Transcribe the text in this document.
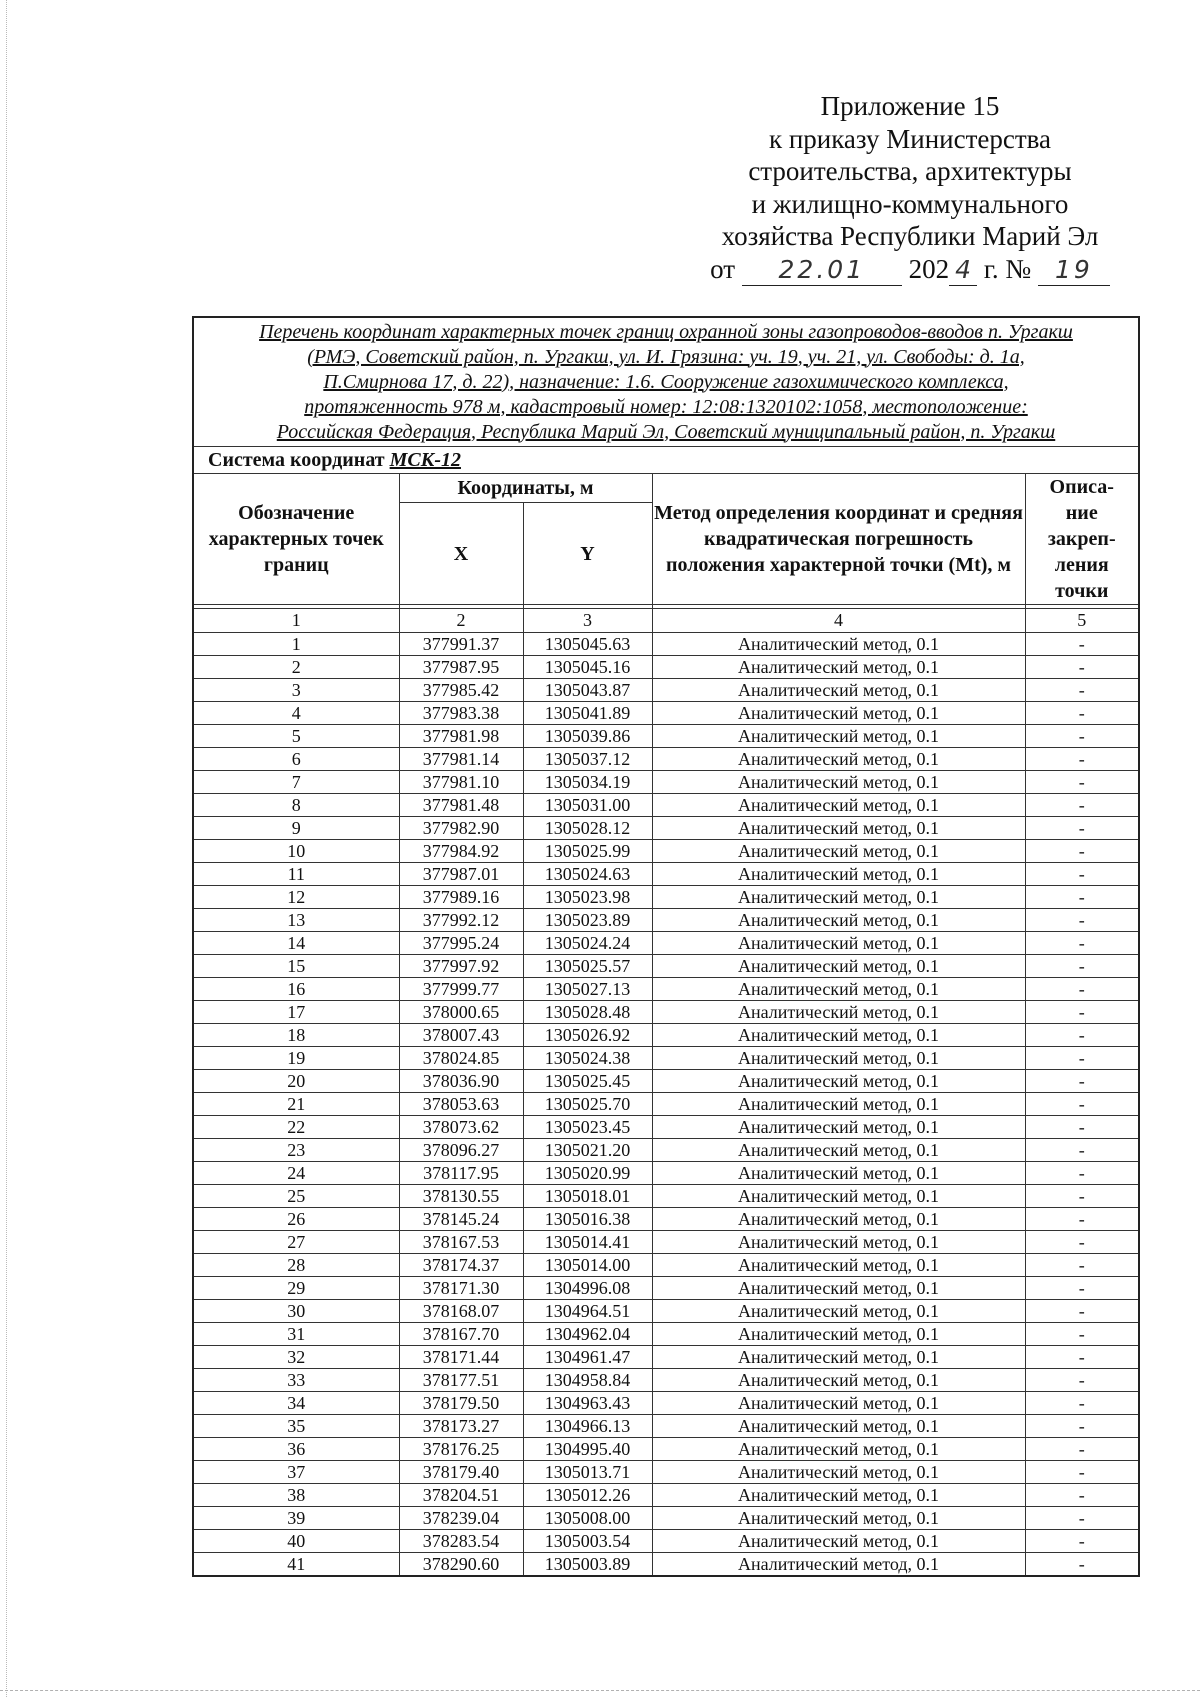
Приложение 15
к приказу Министерства
строительства, архитектуры
и жилищно-коммунального
хозяйства Республики Марий Эл
от 22.01 202 4 г. № 19
Перечень координат характерных точек границ охранной зоны газопроводов-вводов п. Ургакш
(РМЭ, Советский район, п. Ургакш, ул. И. Грязина: уч. 19, уч. 21, ул. Свободы: д. 1а,
П.Смирнова 17, д. 22), назначение: 1.6. Сооружение газохимического комплекса,
протяженность 978 м, кадастровый номер: 12:08:1320102:1058, местоположение:
Российская Федерация, Республика Марий Эл, Советский муниципальный район, п. Ургакш				

Система координат МСК-12				
Обозначение характерных точек границ	Координаты, м		Метод определения координат и средняя квадратическая погрешность положения характерной точки (Mt), м	Описа-
ние
закреп-
ления
точки

	X	Y		

1	2	3	4	5
1	377991.37	1305045.63	Аналитический метод, 0.1	-
2	377987.95	1305045.16	Аналитический метод, 0.1	-
3	377985.42	1305043.87	Аналитический метод, 0.1	-
4	377983.38	1305041.89	Аналитический метод, 0.1	-
5	377981.98	1305039.86	Аналитический метод, 0.1	-
6	377981.14	1305037.12	Аналитический метод, 0.1	-
7	377981.10	1305034.19	Аналитический метод, 0.1	-
8	377981.48	1305031.00	Аналитический метод, 0.1	-
9	377982.90	1305028.12	Аналитический метод, 0.1	-
10	377984.92	1305025.99	Аналитический метод, 0.1	-
11	377987.01	1305024.63	Аналитический метод, 0.1	-
12	377989.16	1305023.98	Аналитический метод, 0.1	-
13	377992.12	1305023.89	Аналитический метод, 0.1	-
14	377995.24	1305024.24	Аналитический метод, 0.1	-
15	377997.92	1305025.57	Аналитический метод, 0.1	-
16	377999.77	1305027.13	Аналитический метод, 0.1	-
17	378000.65	1305028.48	Аналитический метод, 0.1	-
18	378007.43	1305026.92	Аналитический метод, 0.1	-
19	378024.85	1305024.38	Аналитический метод, 0.1	-
20	378036.90	1305025.45	Аналитический метод, 0.1	-
21	378053.63	1305025.70	Аналитический метод, 0.1	-
22	378073.62	1305023.45	Аналитический метод, 0.1	-
23	378096.27	1305021.20	Аналитический метод, 0.1	-
24	378117.95	1305020.99	Аналитический метод, 0.1	-
25	378130.55	1305018.01	Аналитический метод, 0.1	-
26	378145.24	1305016.38	Аналитический метод, 0.1	-
27	378167.53	1305014.41	Аналитический метод, 0.1	-
28	378174.37	1305014.00	Аналитический метод, 0.1	-
29	378171.30	1304996.08	Аналитический метод, 0.1	-
30	378168.07	1304964.51	Аналитический метод, 0.1	-
31	378167.70	1304962.04	Аналитический метод, 0.1	-
32	378171.44	1304961.47	Аналитический метод, 0.1	-
33	378177.51	1304958.84	Аналитический метод, 0.1	-
34	378179.50	1304963.43	Аналитический метод, 0.1	-
35	378173.27	1304966.13	Аналитический метод, 0.1	-
36	378176.25	1304995.40	Аналитический метод, 0.1	-
37	378179.40	1305013.71	Аналитический метод, 0.1	-
38	378204.51	1305012.26	Аналитический метод, 0.1	-
39	378239.04	1305008.00	Аналитический метод, 0.1	-
40	378283.54	1305003.54	Аналитический метод, 0.1	-
41	378290.60	1305003.89	Аналитический метод, 0.1	-
